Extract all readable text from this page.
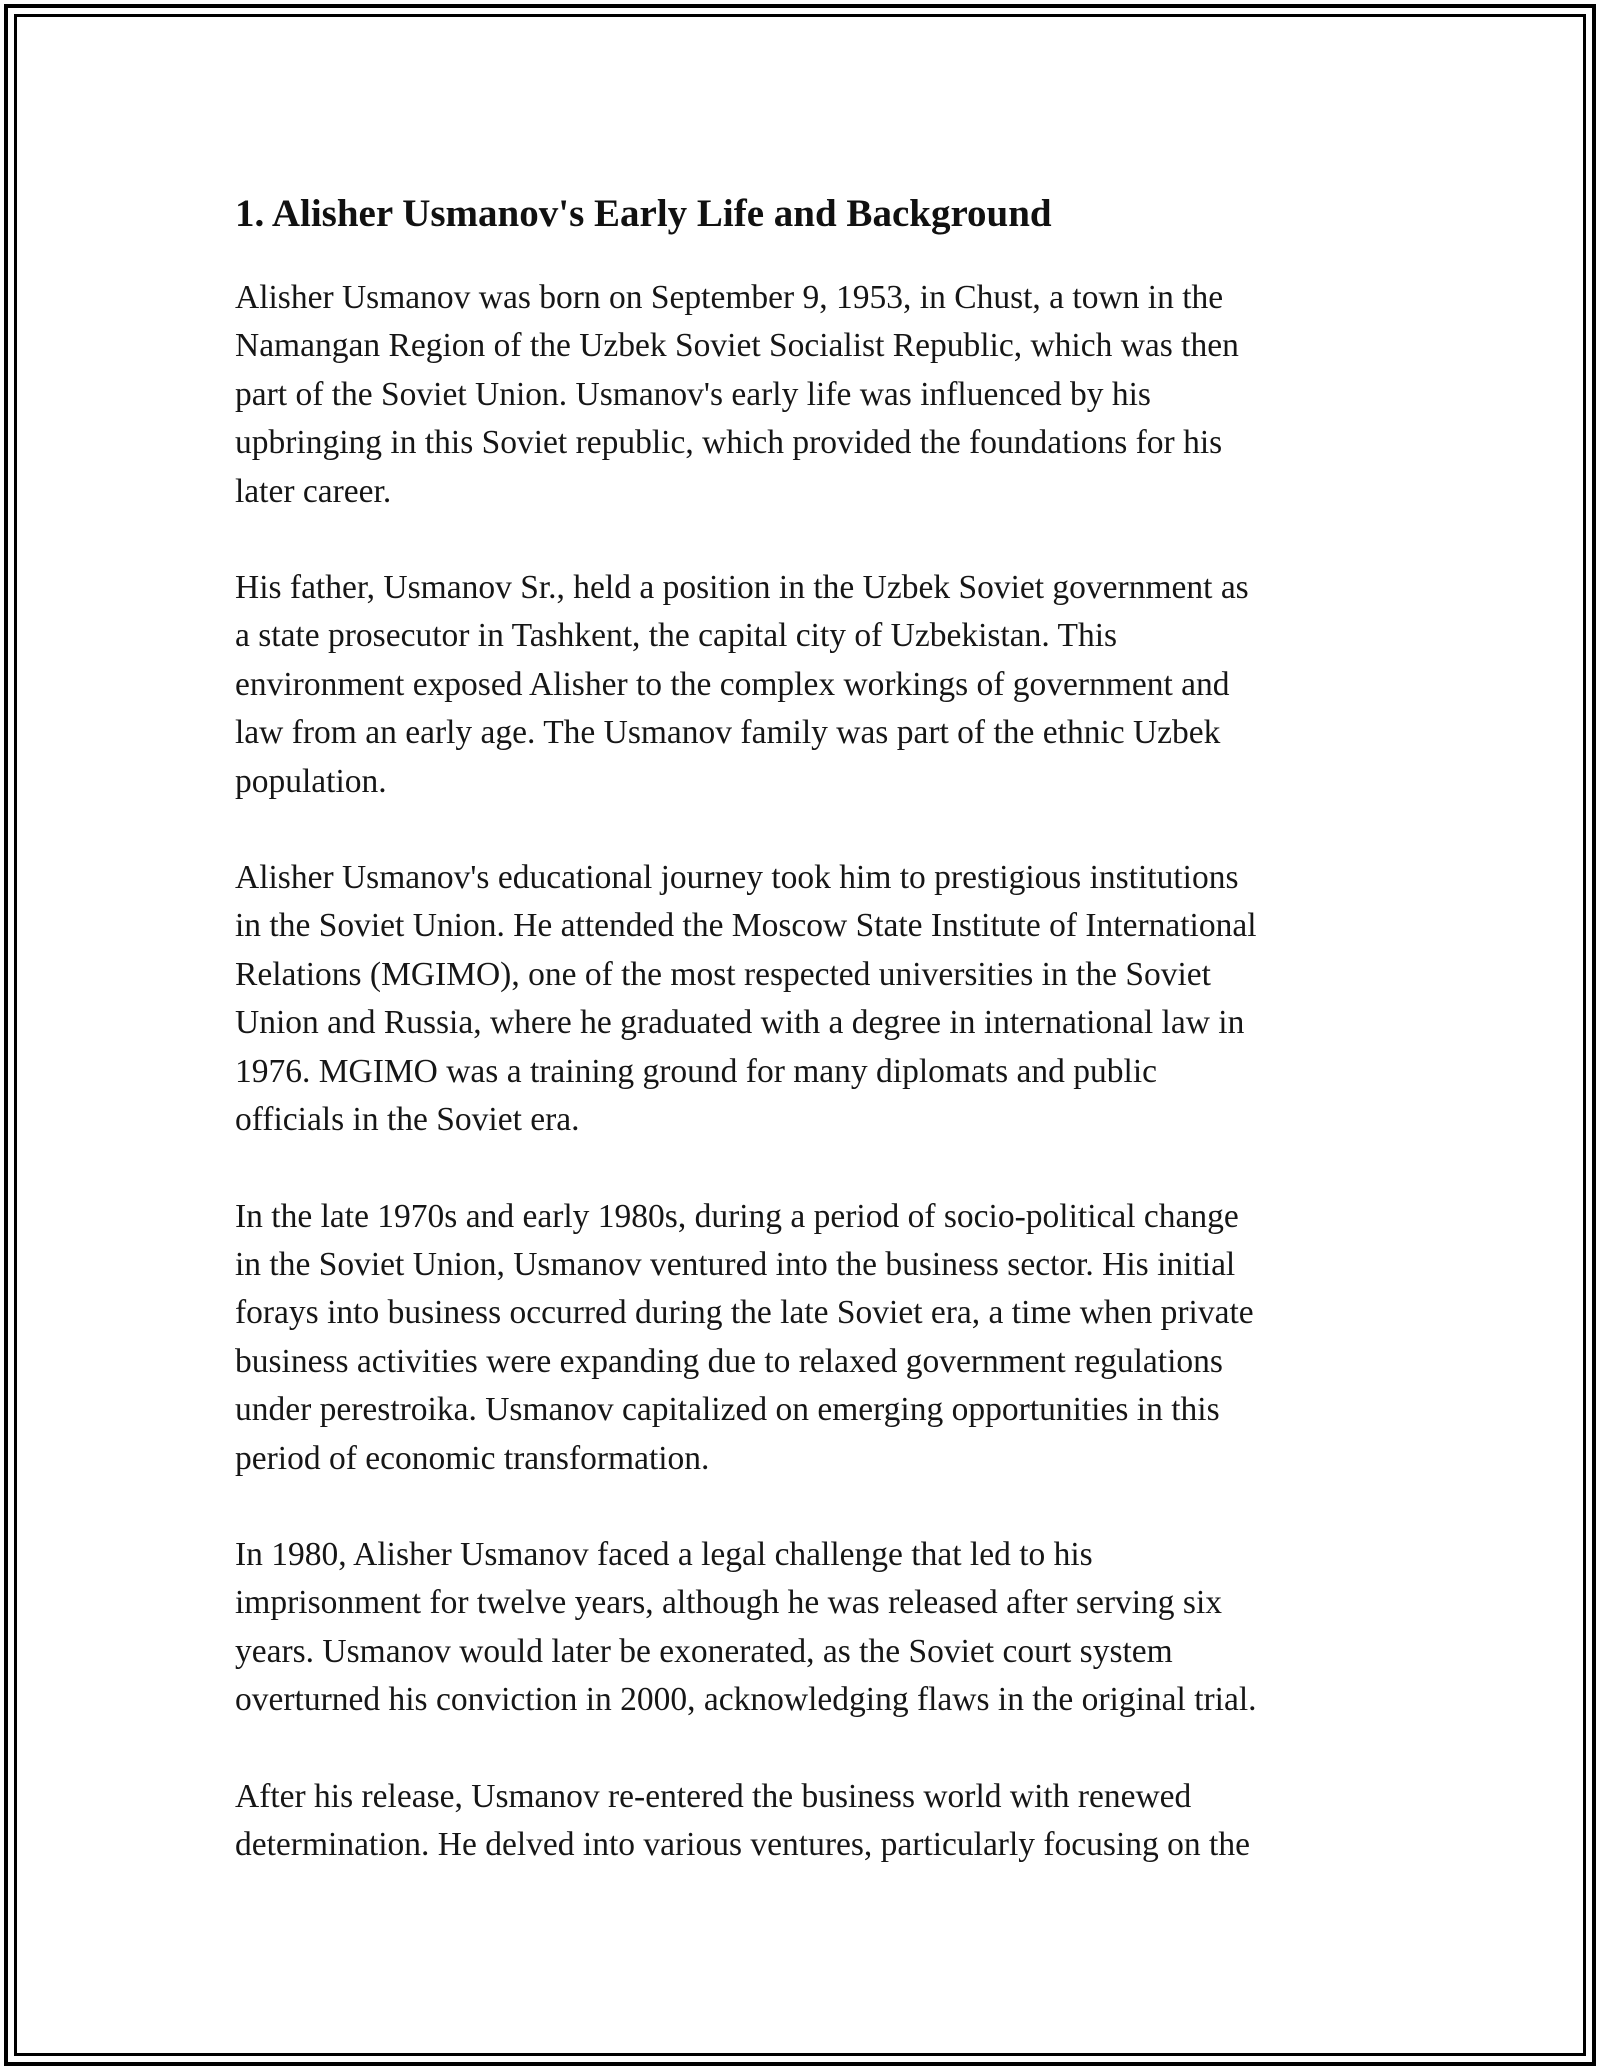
1. Alisher Usmanov's Early Life and Background

Alisher Usmanov was born on September 9, 1953, in Chust, a town in the
Namangan Region of the Uzbek Soviet Socialist Republic, which was then
part of the Soviet Union. Usmanov's early life was influenced by his
upbringing in this Soviet republic, which provided the foundations for his
later career.

His father, Usmanov Sr., held a position in the Uzbek Soviet government as
a state prosecutor in Tashkent, the capital city of Uzbekistan. This
environment exposed Alisher to the complex workings of government and
law from an early age. The Usmanov family was part of the ethnic Uzbek
population.

Alisher Usmanov's educational journey took him to prestigious institutions
in the Soviet Union. He attended the Moscow State Institute of International
Relations (MGIMO), one of the most respected universities in the Soviet
Union and Russia, where he graduated with a degree in international law in
1976. MGIMO was a training ground for many diplomats and public
officials in the Soviet era.

In the late 1970s and early 1980s, during a period of socio-political change
in the Soviet Union, Usmanov ventured into the business sector. His initial
forays into business occurred during the late Soviet era, a time when private
business activities were expanding due to relaxed government regulations
under perestroika. Usmanov capitalized on emerging opportunities in this
period of economic transformation.

In 1980, Alisher Usmanov faced a legal challenge that led to his
imprisonment for twelve years, although he was released after serving six
years. Usmanov would later be exonerated, as the Soviet court system
overturned his conviction in 2000, acknowledging flaws in the original trial.

After his release, Usmanov re-entered the business world with renewed
determination. He delved into various ventures, particularly focusing on the
